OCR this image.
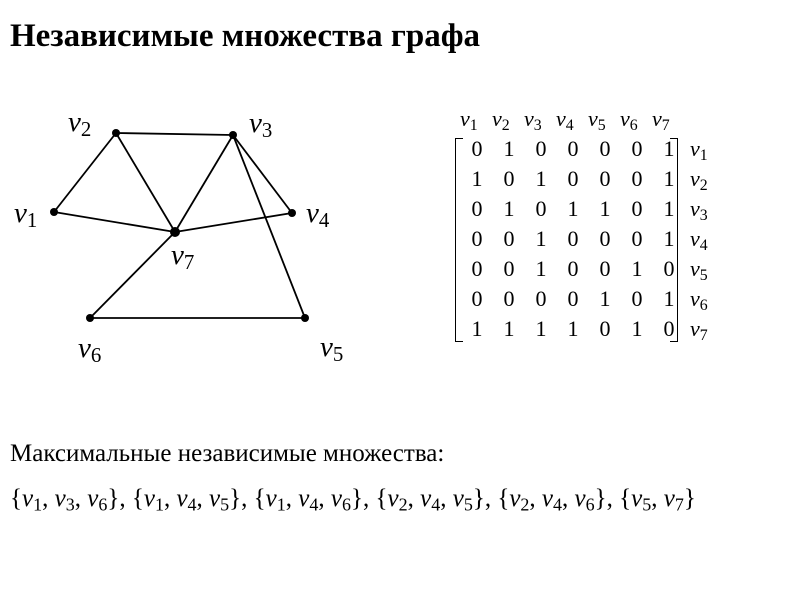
Независимые множества графа
$v_1$
$v_2$	$v_3$
$v_4$
$v_5$
$v_6$
$v_7$
$v_1$ $v_2$ $v_3$ $v_4$ $v_5$ $v_6$ $v_7$
0 1 0 0 0 0 1 $v_1$
1 0 1 0 0 0 1 $v_2$
0 1 0 1 1 0 1 $v_3$
0 0 1 0 0 0 1 $v_4$
0 0 1 0 0 1 0 $v_5$
0 0 0 0 1 0 1 $v_6$
1 1 1 1 0 1 0 $v_7$
Максимальные независимые множества:
{$v_1$, $v_3$, $v_6$}, {$v_1$, $v_4$, $v_5$}, {$v_1$, $v_4$, $v_6$}, {$v_2$, $v_4$, $v_5$}, {$v_2$, $v_4$, $v_6$}, {$v_5$, $v_7$}
